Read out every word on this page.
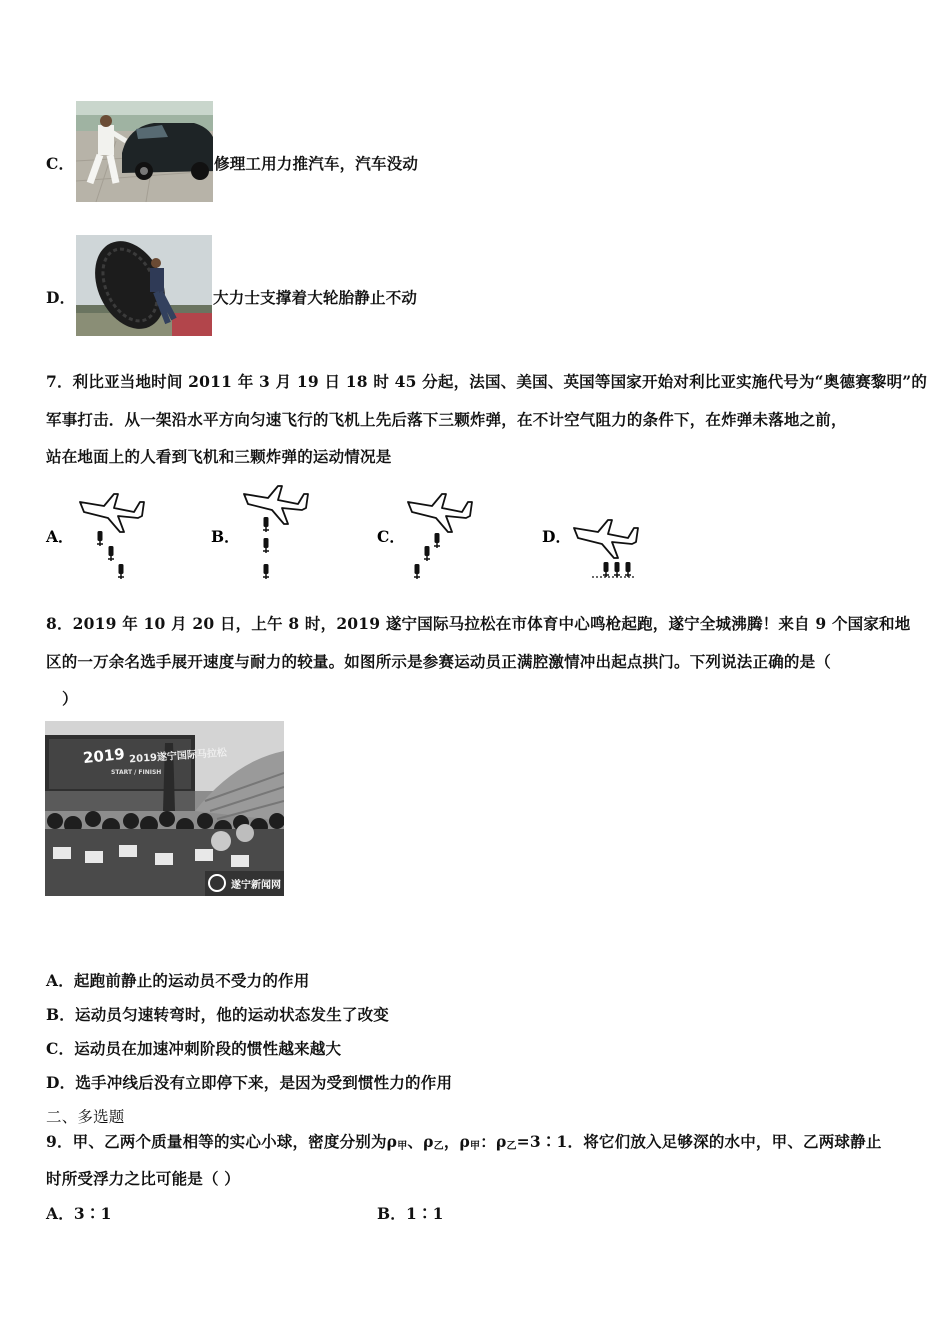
C．	修理工用力推汽车，汽车没动
D．	大力士支撑着大轮胎静止不动
7．利比亚当地时间 2011 年 3 月 19 日 18 时 45 分起，法国、美国、英国等国家开始对利比亚实施代号为“奥德赛黎明”的
军事打击．从一架沿水平方向匀速飞行的飞机上先后落下三颗炸弹，在不计空气阻力的条件下，在炸弹未落地之前，
站在地面上的人看到飞机和三颗炸弹的运动情况是
A．	B．	C．	D．
8．2019 年 10 月 20 日，上午 8 时，2019 遂宁国际马拉松在市体育中心鸣枪起跑，遂宁全城沸腾！来自 9 个国家和地
区的一万余名选手展开速度与耐力的较量。如图所示是参赛运动员正满腔激情冲出起点拱门。下列说法正确的是（
）
2019 2019遂宁国际马拉松
START / FINISH
遂宁新闻网
A．起跑前静止的运动员不受力的作用
B．运动员匀速转弯时，他的运动状态发生了改变
C．运动员在加速冲刺阶段的惯性越来越大
D．选手冲线后没有立即停下来，是因为受到惯性力的作用
二、多选题
9．甲、乙两个质量相等的实心小球，密度分别为$\rho_甲$、$\rho_乙$，$\rho_甲$：$\rho_乙=3∶1$．将它们放入足够深的水中，甲、乙两球静止
时所受浮力之比可能是（ ）
A．3∶1	B．1∶1
